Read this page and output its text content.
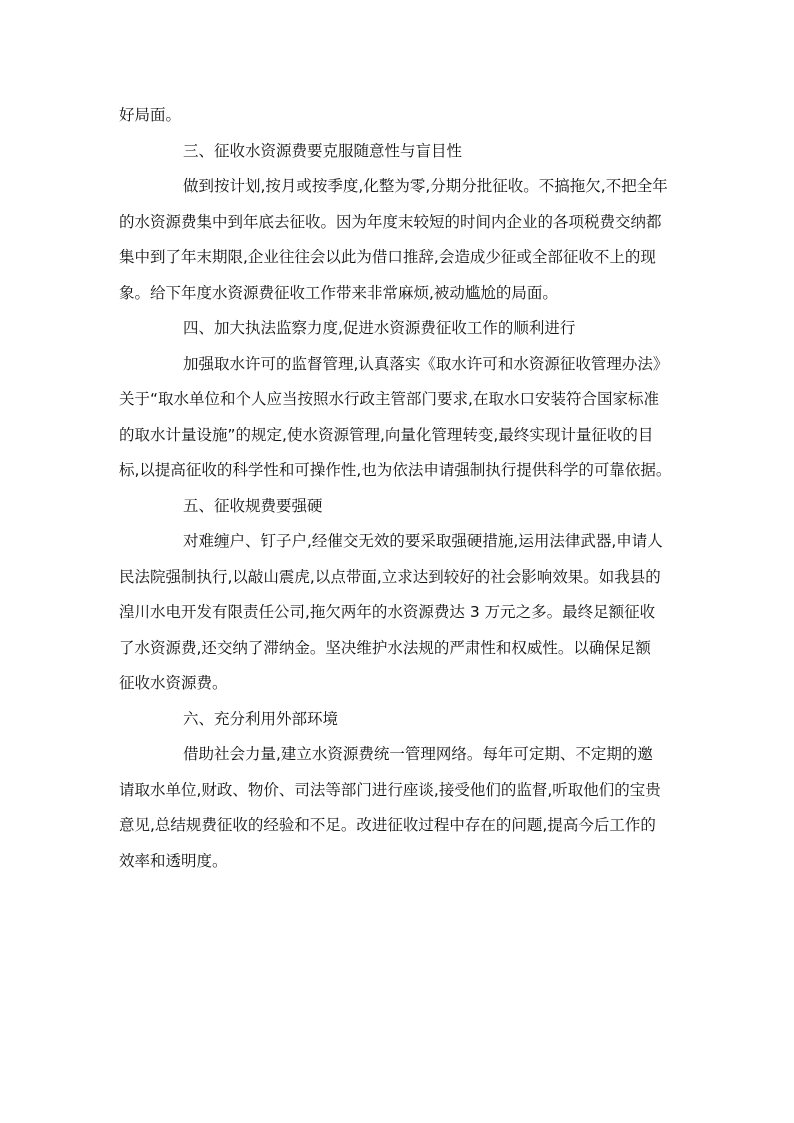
好局面。
三、征收水资源费要克服随意性与盲目性
做到按计划,按月或按季度,化整为零,分期分批征收。不搞拖欠,不把全年
的水资源费集中到年底去征收。因为年度末较短的时间内企业的各项税费交纳都
集中到了年末期限,企业往往会以此为借口推辞,会造成少征或全部征收不上的现
象。给下年度水资源费征收工作带来非常麻烦,被动尴尬的局面。
四、加大执法监察力度,促进水资源费征收工作的顺利进行
加强取水许可的监督管理,认真落实《取水许可和水资源征收管理办法》
关于“取水单位和个人应当按照水行政主管部门要求,在取水口安装符合国家标准
的取水计量设施”的规定,使水资源管理,向量化管理转变,最终实现计量征收的目
标,以提高征收的科学性和可操作性,也为依法申请强制执行提供科学的可靠依据。
五、征收规费要强硬
对难缠户、钉子户,经催交无效的要采取强硬措施,运用法律武器,申请人
民法院强制执行,以敲山震虎,以点带面,立求达到较好的社会影响效果。如我县的
湟川水电开发有限责任公司,拖欠两年的水资源费达 3 万元之多。最终足额征收
了水资源费,还交纳了滞纳金。坚决维护水法规的严肃性和权威性。以确保足额
征收水资源费。
六、充分利用外部环境
借助社会力量,建立水资源费统一管理网络。每年可定期、不定期的邀
请取水单位,财政、物价、司法等部门进行座谈,接受他们的监督,听取他们的宝贵
意见,总结规费征收的经验和不足。改进征收过程中存在的问题,提高今后工作的
效率和透明度。
